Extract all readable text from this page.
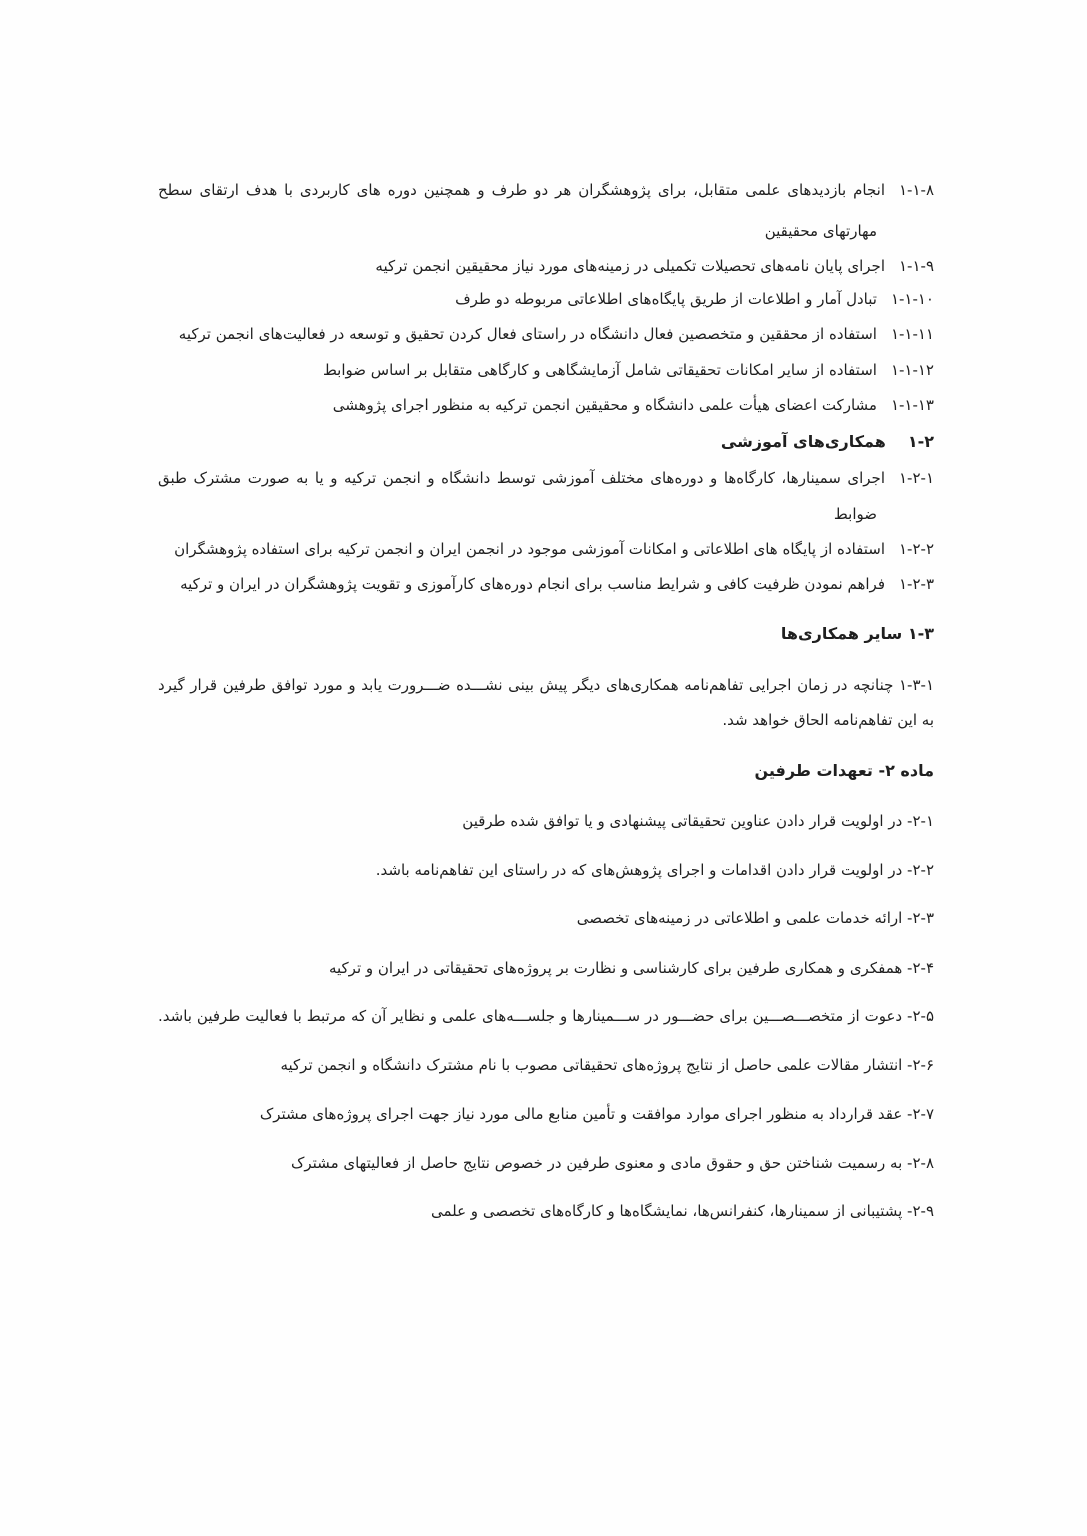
۱-۱-۸انجام بازدیدهای علمی متقابل، برای پژوهشگران هر دو طرف و همچنین دوره های کاربردی با هدف ارتقای سطح
مهارتهای محقیقین
۱-۱-۹اجرای پایان نامه‌های تحصیلات تکمیلی در زمینه‌های مورد نیاز محقیقین انجمن ترکیه
۱-۱-۱۰تبادل آمار و اطلاعات از طریق پایگاه‌های اطلاعاتی مربوطه دو طرف
۱-۱-۱۱استفاده از محققین و متخصصین فعال دانشگاه در راستای فعال کردن تحقیق و توسعه در فعالیت‌های انجمن ترکیه
۱-۱-۱۲استفاده از سایر امکانات تحقیقاتی شامل آزمایشگاهی و کارگاهی متقابل بر اساس ضوابط
۱-۱-۱۳مشارکت اعضای هیأت علمی دانشگاه و محقیقین انجمن ترکیه به منظور اجرای پژوهشی
۱-۲همکاری‌های آموزشی
۱-۲-۱اجرای سمینارها، کارگاه‌ها و دوره‌های مختلف آموزشی توسط دانشگاه و انجمن ترکیه و یا به صورت مشترک طبق
ضوابط
۱-۲-۲استفاده از پایگاه های اطلاعاتی و امکانات آموزشی موجود در انجمن ایران و انجمن ترکیه برای استفاده پژوهشگران
۱-۲-۳فراهم نمودن ظرفیت کافی و شرایط مناسب برای انجام دوره‌های کارآموزی و تقویت پژوهشگران در ایران و ترکیه
۱-۳ سایر همکاری‌ها
۱-۳-۱ چنانچه در زمان اجرایی تفاهم‌نامه همکاری‌های دیگر پیش بینی نشـــده ضـــرورت یابد و مورد توافق طرفین قرار گیرد
به این تفاهم‌نامه الحاق خواهد شد.
ماده ۲- تعهدات طرفین
۲-۱- در اولویت قرار دادن عناوین تحقیقاتی پیشنهادی و یا توافق شده طرقین
۲-۲- در اولویت قرار دادن اقدامات و اجرای پژوهش‌های که در راستای این تفاهم‌نامه باشد.
۲-۳- ارائه خدمات علمی و اطلاعاتی در زمینه‌های تخصصی
۲-۴- همفکری و همکاری طرفین برای کارشناسی و نظارت بر پروژه‌های تحقیقاتی در ایران و ترکیه
۲-۵- دعوت از متخصـــصـــین برای حضـــور در ســـمینارها و جلســـه‌های علمی و نظایر آن که مرتبط با فعالیت طرفین باشد.
۲-۶- انتشار مقالات علمی حاصل از نتایج پروژه‌های تحقیقاتی مصوب با نام مشترک دانشگاه و انجمن ترکیه
۲-۷- عقد قرارداد به منظور اجرای موارد موافقت و تأمین منابع مالی مورد نیاز جهت اجرای پروژه‌های مشترک
۲-۸- به رسمیت شناختن حق و حقوق مادی و معنوی طرفین در خصوص نتایج حاصل از فعالیتهای مشترک
۲-۹- پشتیبانی از سمینارها، کنفرانس‌ها، نمایشگاه‌ها و کارگاه‌های تخصصی و علمی
